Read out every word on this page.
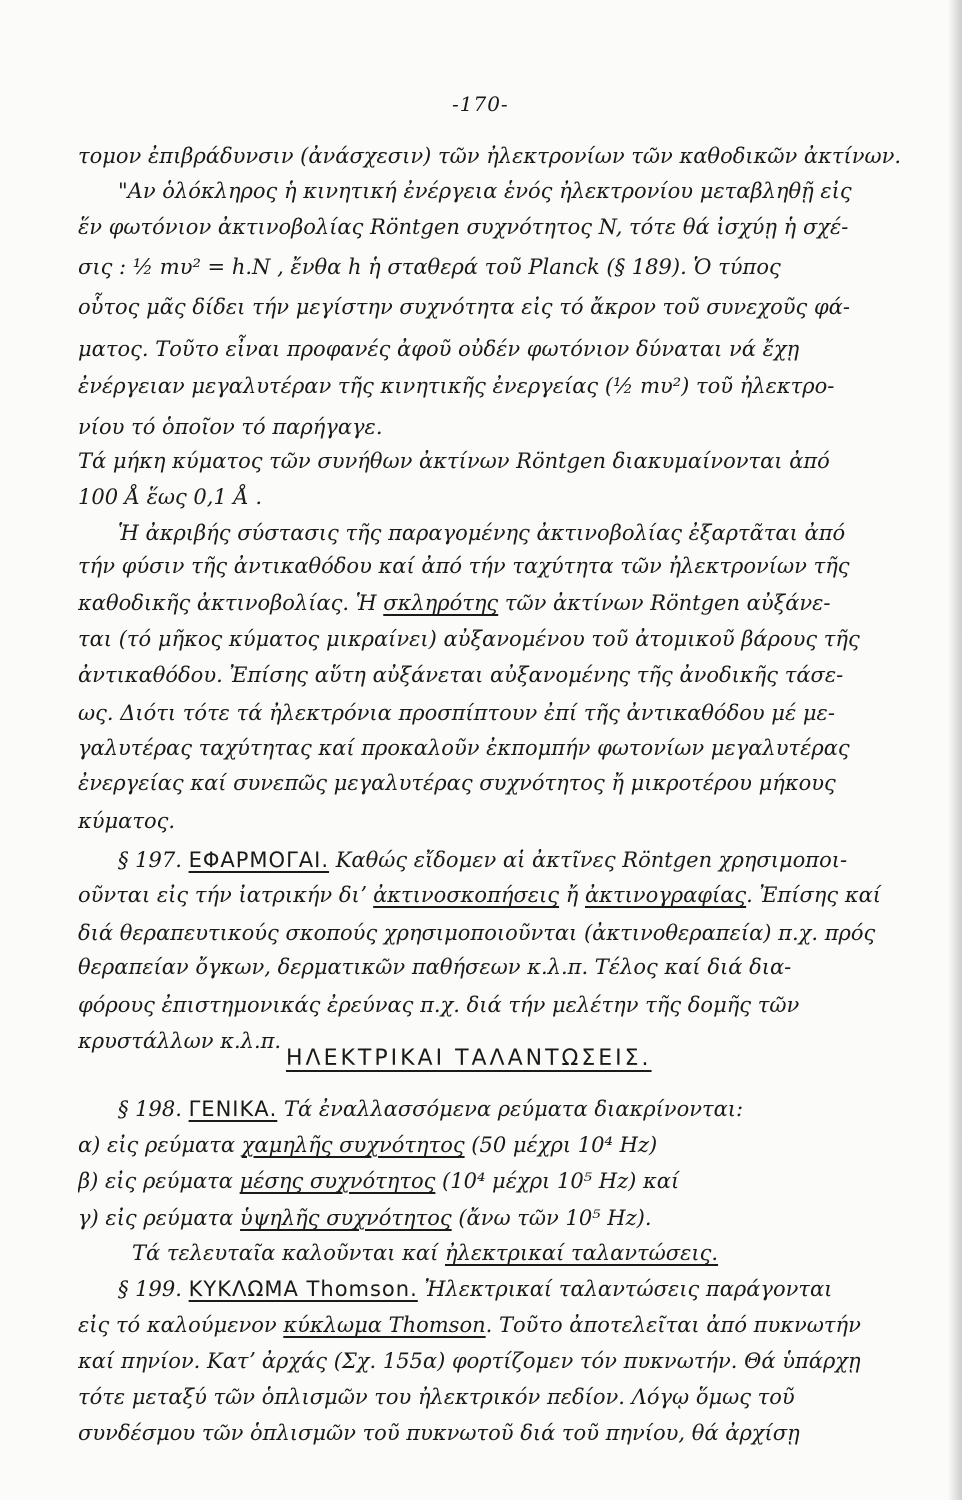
-170-
τομον ἐπιβράδυνσιν (ἀνάσχεσιν) τῶν ἠλεκτρονίων τῶν καθοδικῶν ἀκτίνων.
"Αν ὁλόκληρος ἡ κινητική ἐνέργεια ἑνός ἠλεκτρονίου μεταβληθῇ εἰς
ἕν φωτόνιον ἀκτινοβολίας Röntgen συχνότητος N, τότε θά ἰσχύῃ ἡ σχέ-
σις : ½ mυ² = h.N , ἔνθα h ἡ σταθερά τοῦ Planck (§ 189). Ὁ τύπος
οὗτος μᾶς δίδει τήν μεγίστην συχνότητα εἰς τό ἄκρον τοῦ συνεχοῦς φά-
ματος. Τοῦτο εἶναι προφανές ἀφοῦ οὐδέν φωτόνιον δύναται νά ἔχῃ
ἐνέργειαν μεγαλυτέραν τῆς κινητικῆς ἐνεργείας (½ mυ²) τοῦ ἠλεκτρο-
νίου τό ὁποῖον τό παρήγαγε.
Τά μήκη κύματος τῶν συνήθων ἀκτίνων Röntgen διακυμαίνονται ἀπό
100 Å ἕως 0,1 Å .
Ἡ ἀκριβής σύστασις τῆς παραγομένης ἀκτινοβολίας ἐξαρτᾶται ἀπό
τήν φύσιν τῆς ἀντικαθόδου καί ἀπό τήν ταχύτητα τῶν ἠλεκτρονίων τῆς
καθοδικῆς ἀκτινοβολίας. Ἡ σκληρότης τῶν ἀκτίνων Röntgen αὐξάνε-
ται (τό μῆκος κύματος μικραίνει) αὐξανομένου τοῦ ἀτομικοῦ βάρους τῆς
ἀντικαθόδου. Ἐπίσης αὕτη αὐξάνεται αὐξανομένης τῆς ἀνοδικῆς τάσε-
ως. Διότι τότε τά ἠλεκτρόνια προσπίπτουν ἐπί τῆς ἀντικαθόδου μέ με-
γαλυτέρας ταχύτητας καί προκαλοῦν ἐκπομπήν φωτονίων μεγαλυτέρας
ἐνεργείας καί συνεπῶς μεγαλυτέρας συχνότητος ἤ μικροτέρου μήκους
κύματος.
§ 197. ΕΦΑΡΜΟΓΑΙ. Καθώς εἴδομεν αἱ ἀκτῖνες Röntgen χρησιμοποι-
οῦνται εἰς τήν ἰατρικήν διʼ ἀκτινοσκοπήσεις ἤ ἀκτινογραφίας. Ἐπίσης καί
διά θεραπευτικούς σκοπούς χρησιμοποιοῦνται (ἀκτινοθεραπεία) π.χ. πρός
θεραπείαν ὄγκων, δερματικῶν παθήσεων κ.λ.π. Τέλος καί διά δια-
φόρους ἐπιστημονικάς ἐρεύνας π.χ. διά τήν μελέτην τῆς δομῆς τῶν
κρυστάλλων κ.λ.π.
ΗΛΕΚΤΡΙΚΑΙ ΤΑΛΑΝΤΩΣΕΙΣ.
§ 198. ΓΕΝΙΚΑ. Τά ἐναλλασσόμενα ρεύματα διακρίνονται:
α) εἰς ρεύματα χαμηλῆς συχνότητος (50 μέχρι 10⁴ Hz)
β) εἰς ρεύματα μέσης συχνότητος (10⁴ μέχρι 10⁵ Hz) καί
γ) εἰς ρεύματα ὑψηλῆς συχνότητος (ἄνω τῶν 10⁵ Hz).
Τά τελευταῖα καλοῦνται καί ἠλεκτρικαί ταλαντώσεις.
§ 199. ΚΥΚΛΩΜΑ Thomson. Ἠλεκτρικαί ταλαντώσεις παράγονται
εἰς τό καλούμενον κύκλωμα Thomson. Τοῦτο ἀποτελεῖται ἀπό πυκνωτήν
καί πηνίον. Κατʼ ἀρχάς (Σχ. 155α) φορτίζομεν τόν πυκνωτήν. Θά ὑπάρχῃ
τότε μεταξύ τῶν ὁπλισμῶν του ἠλεκτρικόν πεδίον. Λόγῳ ὅμως τοῦ
συνδέσμου τῶν ὁπλισμῶν τοῦ πυκνωτοῦ διά τοῦ πηνίου, θά ἀρχίσῃ
